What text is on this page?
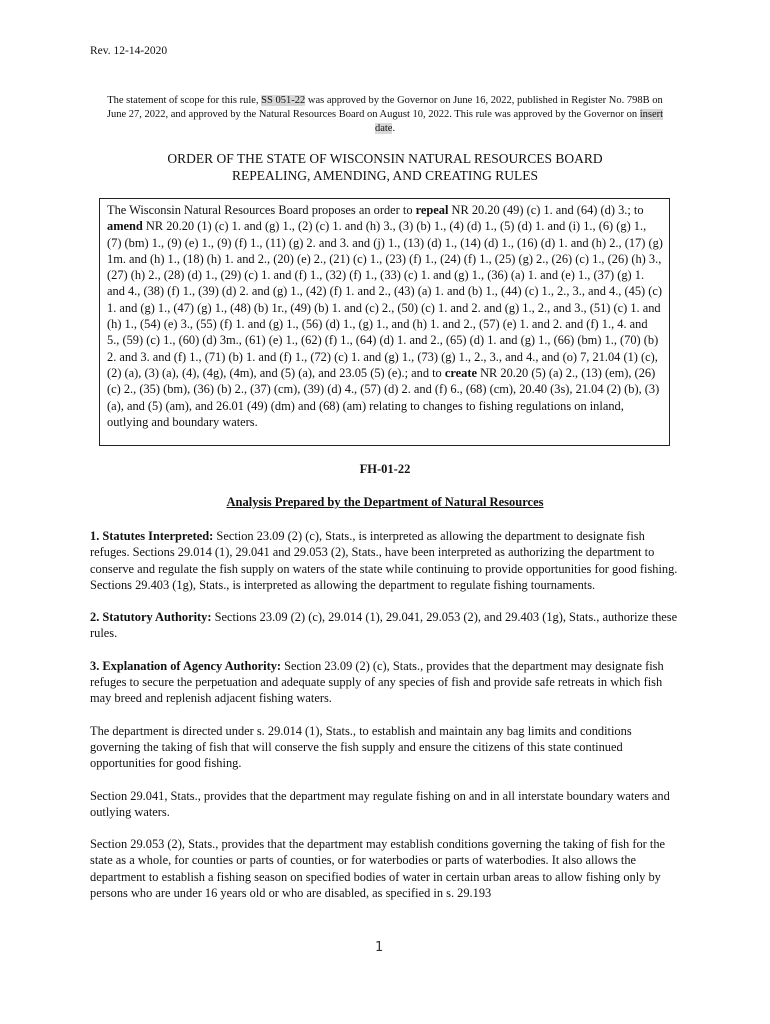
Rev. 12-14-2020
The statement of scope for this rule, SS 051-22 was approved by the Governor on June 16, 2022, published in Register No. 798B on June 27, 2022, and approved by the Natural Resources Board on August 10, 2022. This rule was approved by the Governor on insert date.
ORDER OF THE STATE OF WISCONSIN NATURAL RESOURCES BOARD
REPEALING, AMENDING, AND CREATING RULES
The Wisconsin Natural Resources Board proposes an order to repeal NR 20.20 (49) (c) 1. and (64) (d) 3.; to amend NR 20.20 (1) (c) 1. and (g) 1., (2) (c) 1. and (h) 3., (3) (b) 1., (4) (d) 1., (5) (d) 1. and (i) 1., (6) (g) 1., (7) (bm) 1., (9) (e) 1., (9) (f) 1., (11) (g) 2. and 3. and (j) 1., (13) (d) 1., (14) (d) 1., (16) (d) 1. and (h) 2., (17) (g) 1m. and (h) 1., (18) (h) 1. and 2., (20) (e) 2., (21) (c) 1., (23) (f) 1., (24) (f) 1., (25) (g) 2., (26) (c) 1., (26) (h) 3., (27) (h) 2., (28) (d) 1., (29) (c) 1. and (f) 1., (32) (f) 1., (33) (c) 1. and (g) 1., (36) (a) 1. and (e) 1., (37) (g) 1. and 4., (38) (f) 1., (39) (d) 2. and (g) 1., (42) (f) 1. and 2., (43) (a) 1. and (b) 1., (44) (c) 1., 2., 3., and 4., (45) (c) 1. and (g) 1., (47) (g) 1., (48) (b) 1r., (49) (b) 1. and (c) 2., (50) (c) 1. and 2. and (g) 1., 2., and 3., (51) (c) 1. and (h) 1., (54) (e) 3., (55) (f) 1. and (g) 1., (56) (d) 1., (g) 1., and (h) 1. and 2., (57) (e) 1. and 2. and (f) 1., 4. and 5., (59) (c) 1., (60) (d) 3m., (61) (e) 1., (62) (f) 1., (64) (d) 1. and 2., (65) (d) 1. and (g) 1., (66) (bm) 1., (70) (b) 2. and 3. and (f) 1., (71) (b) 1. and (f) 1., (72) (c) 1. and (g) 1., (73) (g) 1., 2., 3., and 4., and (o) 7, 21.04 (1) (c), (2) (a), (3) (a), (4), (4g), (4m), and (5) (a), and 23.05 (5) (e).; and to create NR 20.20 (5) (a) 2., (13) (em), (26) (c) 2., (35) (bm), (36) (b) 2., (37) (cm), (39) (d) 4., (57) (d) 2. and (f) 6., (68) (cm), 20.40 (3s), 21.04 (2) (b), (3) (a), and (5) (am), and 26.01 (49) (dm) and (68) (am) relating to changes to fishing regulations on inland, outlying and boundary waters.
FH-01-22
Analysis Prepared by the Department of Natural Resources

1. Statutes Interpreted: Section 23.09 (2) (c), Stats., is interpreted as allowing the department to designate fish refuges. Sections 29.014 (1), 29.041 and 29.053 (2), Stats., have been interpreted as authorizing the department to conserve and regulate the fish supply on waters of the state while continuing to provide opportunities for good fishing. Sections 29.403 (1g), Stats., is interpreted as allowing the department to regulate fishing tournaments.

2. Statutory Authority: Sections 23.09 (2) (c), 29.014 (1), 29.041, 29.053 (2), and 29.403 (1g), Stats., authorize these rules.

3. Explanation of Agency Authority: Section 23.09 (2) (c), Stats., provides that the department may designate fish refuges to secure the perpetuation and adequate supply of any species of fish and provide safe retreats in which fish may breed and replenish adjacent fishing waters.

The department is directed under s. 29.014 (1), Stats., to establish and maintain any bag limits and conditions governing the taking of fish that will conserve the fish supply and ensure the citizens of this state continued opportunities for good fishing.

Section 29.041, Stats., provides that the department may regulate fishing on and in all interstate boundary waters and outlying waters.

Section 29.053 (2), Stats., provides that the department may establish conditions governing the taking of fish for the state as a whole, for counties or parts of counties, or for waterbodies or parts of waterbodies. It also allows the department to establish a fishing season on specified bodies of water in certain urban areas to allow fishing only by persons who are under 16 years old or who are disabled, as specified in s. 29.193

1
